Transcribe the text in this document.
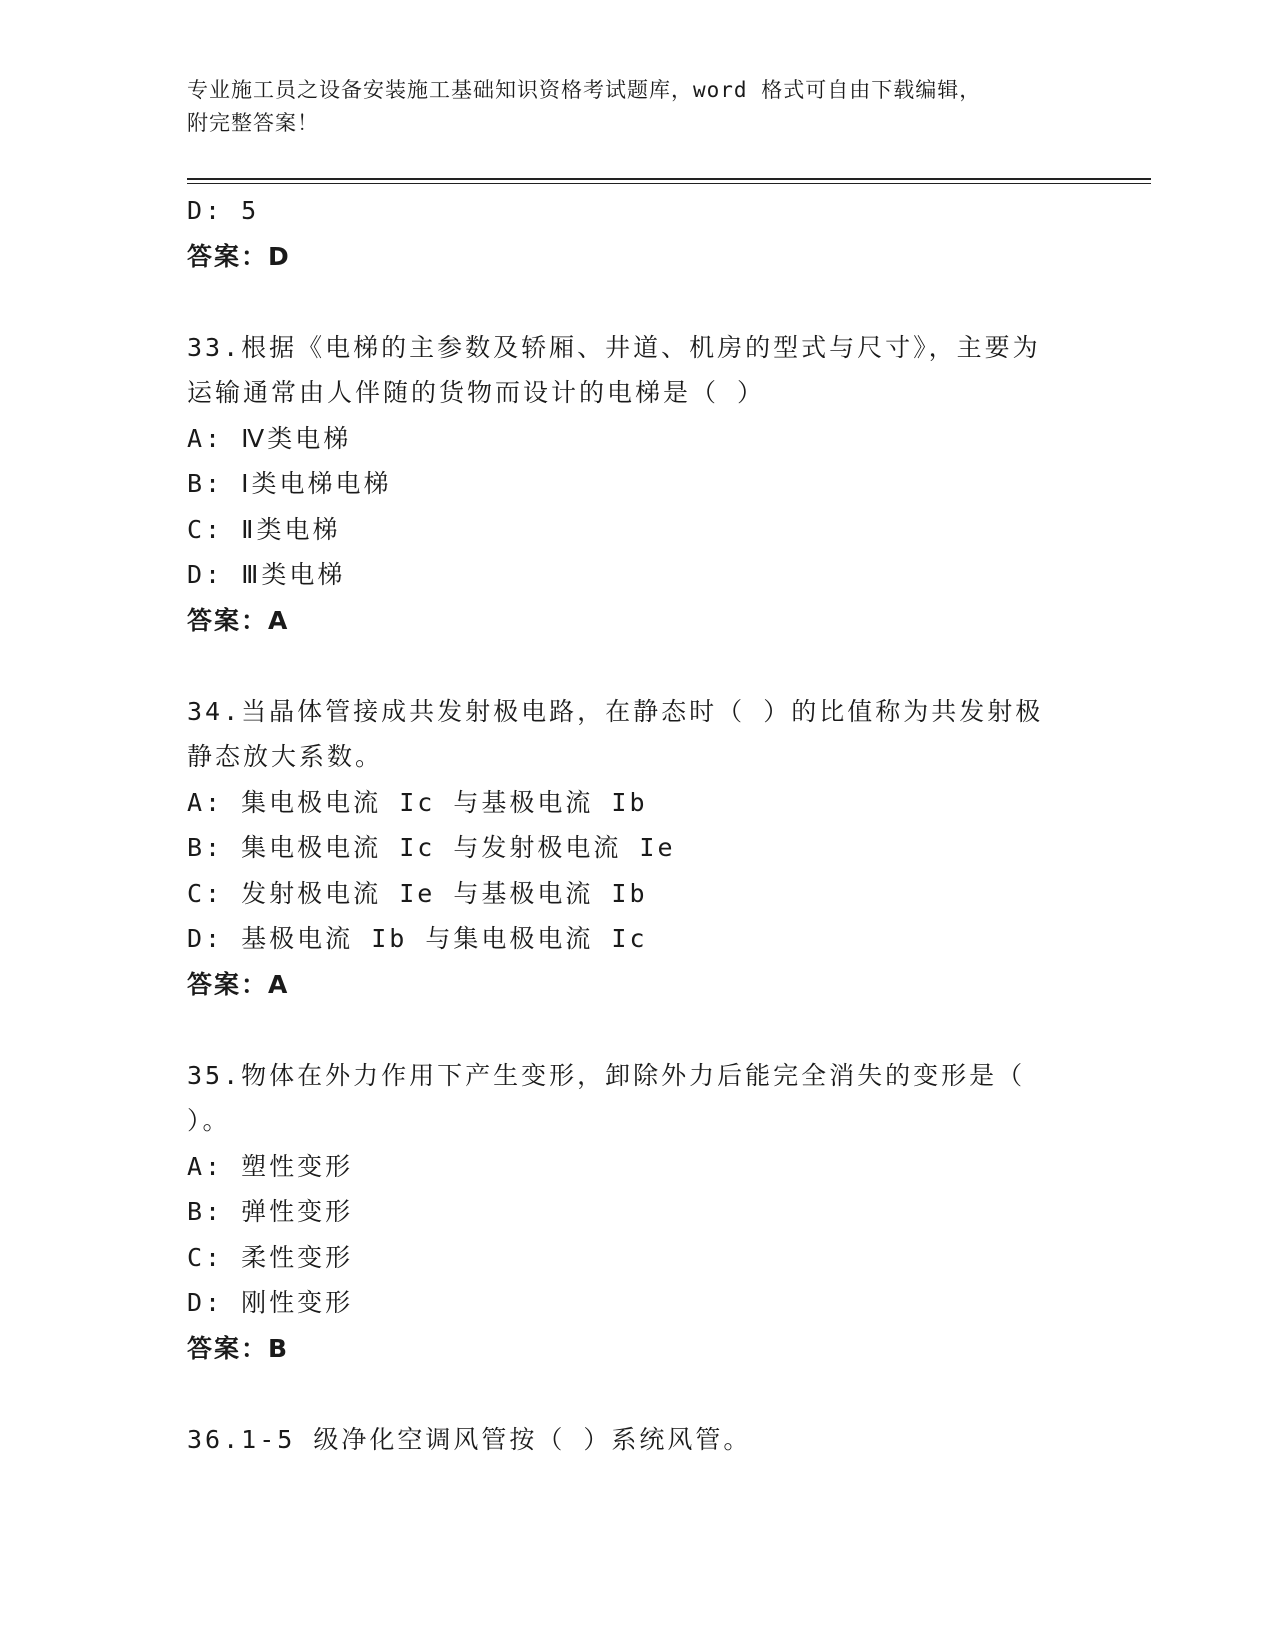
专业施工员之设备安装施工基础知识资格考试题库，word 格式可自由下载编辑，
附完整答案！
D: 5
答案：D
33.根据《电梯的主参数及轿厢、井道、机房的型式与尺寸》，主要为
运输通常由人伴随的货物而设计的电梯是（ ）
A: Ⅳ类电梯
B: Ⅰ类电梯电梯
C: Ⅱ类电梯
D: Ⅲ类电梯
答案：A
34.当晶体管接成共发射极电路，在静态时（ ）的比值称为共发射极
静态放大系数。
A: 集电极电流 Ic 与基极电流 Ib
B: 集电极电流 Ic 与发射极电流 Ie
C: 发射极电流 Ie 与基极电流 Ib
D: 基极电流 Ib 与集电极电流 Ic
答案：A
35.物体在外力作用下产生变形，卸除外力后能完全消失的变形是（
）。
A: 塑性变形
B: 弹性变形
C: 柔性变形
D: 刚性变形
答案：B
36.1-5 级净化空调风管按（ ）系统风管。
